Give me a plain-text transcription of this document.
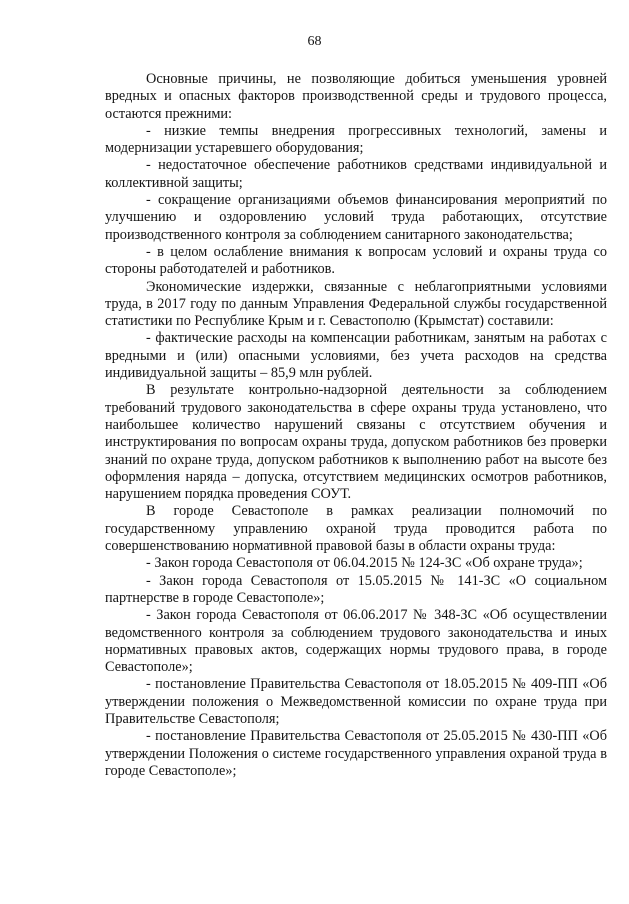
68

Основные причины, не позволяющие добиться уменьшения уровней вредных и опасных факторов производственной среды и трудового процесса, остаются прежними:

- низкие темпы внедрения прогрессивных технологий, замены и модернизации устаревшего оборудования;

- недостаточное обеспечение работников средствами индивидуальной и коллективной защиты;

- сокращение организациями объемов финансирования мероприятий по улучшению и оздоровлению условий труда работающих, отсутствие производственного контроля за соблюдением санитарного законодательства;

- в целом ослабление внимания к вопросам условий и охраны труда со стороны работодателей и работников.

Экономические издержки, связанные с неблагоприятными условиями труда, в 2017 году по данным Управления Федеральной службы государственной статистики по Республике Крым и г. Севастополю (Крымстат) составили:

- фактические расходы на компенсации работникам, занятым на работах с вредными и (или) опасными условиями, без учета расходов на средства индивидуальной защиты – 85,9 млн рублей.

В результате контрольно-надзорной деятельности за соблюдением требований трудового законодательства в сфере охраны труда установлено, что наибольшее количество нарушений связаны с отсутствием обучения и инструктирования по вопросам охраны труда, допуском работников без проверки знаний по охране труда, допуском работников к выполнению работ на высоте без оформления наряда – допуска, отсутствием медицинских осмотров работников, нарушением порядка проведения СОУТ.

В городе Севастополе в рамках реализации полномочий по государственному управлению охраной труда проводится работа по совершенствованию нормативной правовой базы в области охраны труда:

- Закон города Севастополя от 06.04.2015 № 124-ЗС «Об охране труда»;

- Закон города Севастополя от 15.05.2015 № 141-ЗС «О социальном партнерстве в городе Севастополе»;

- Закон города Севастополя от 06.06.2017 № 348-ЗС «Об осуществлении ведомственного контроля за соблюдением трудового законодательства и иных нормативных правовых актов, содержащих нормы трудового права, в городе Севастополе»;

- постановление Правительства Севастополя от 18.05.2015 № 409-ПП «Об утверждении положения о Межведомственной комиссии по охране труда при Правительстве Севастополя;

- постановление Правительства Севастополя от 25.05.2015 № 430-ПП «Об утверждении Положения о системе государственного управления охраной труда в городе Севастополе»;
